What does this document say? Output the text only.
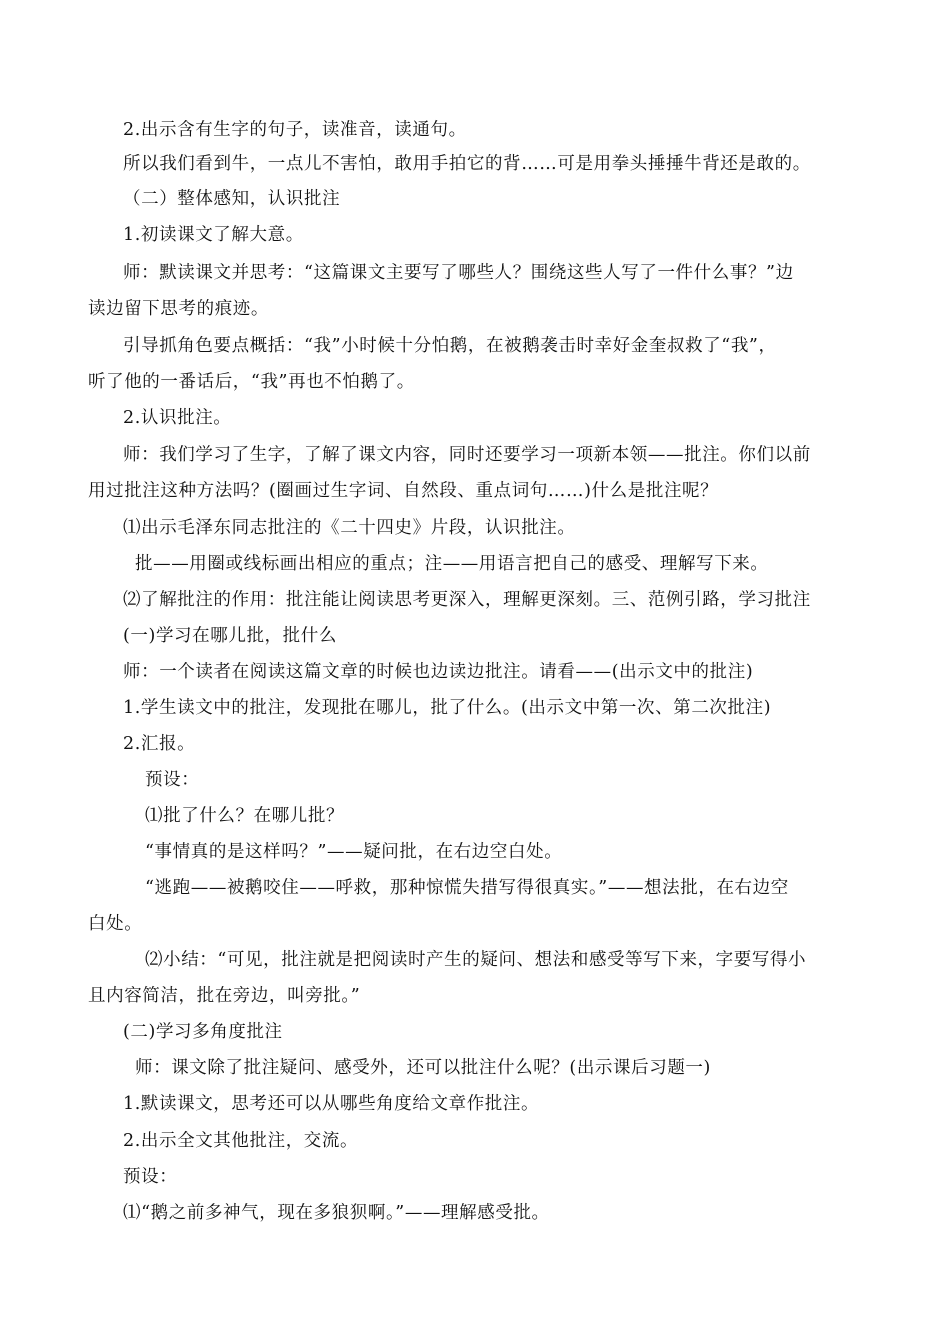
2.出示含有生字的句子，读准音，读通句。
所以我们看到牛，一点儿不害怕，敢用手拍它的背……可是用拳头捶捶牛背还是敢的。
（二）整体感知，认识批注
1.初读课文了解大意。
师：默读课文并思考：“这篇课文主要写了哪些人？围绕这些人写了一件什么事？”边
读边留下思考的痕迹。
引导抓角色要点概括：“我”小时候十分怕鹅，在被鹅袭击时幸好金奎叔救了“我”，
听了他的一番话后，“我”再也不怕鹅了。
2.认识批注。
师：我们学习了生字，了解了课文内容，同时还要学习一项新本领——批注。你们以前
用过批注这种方法吗？(圈画过生字词、自然段、重点词句……)什么是批注呢？
⑴出示毛泽东同志批注的《二十四史》片段，认识批注。
批——用圈或线标画出相应的重点；注——用语言把自己的感受、理解写下来。
⑵了解批注的作用：批注能让阅读思考更深入，理解更深刻。三、范例引路，学习批注
(一)学习在哪儿批，批什么
师：一个读者在阅读这篇文章的时候也边读边批注。请看——(出示文中的批注)
1.学生读文中的批注，发现批在哪儿，批了什么。(出示文中第一次、第二次批注)
2.汇报。
预设：
⑴批了什么？在哪儿批？
“事情真的是这样吗？”——疑问批，在右边空白处。
“逃跑——被鹅咬住——呼救，那种惊慌失措写得很真实。”——想法批，在右边空
白处。
⑵小结：“可见，批注就是把阅读时产生的疑问、想法和感受等写下来，字要写得小
且内容简洁，批在旁边，叫旁批。”
(二)学习多角度批注
师：课文除了批注疑问、感受外，还可以批注什么呢？(出示课后习题一)
1.默读课文，思考还可以从哪些角度给文章作批注。
2.出示全文其他批注，交流。
预设：
⑴“鹅之前多神气，现在多狼狈啊。”——理解感受批。
